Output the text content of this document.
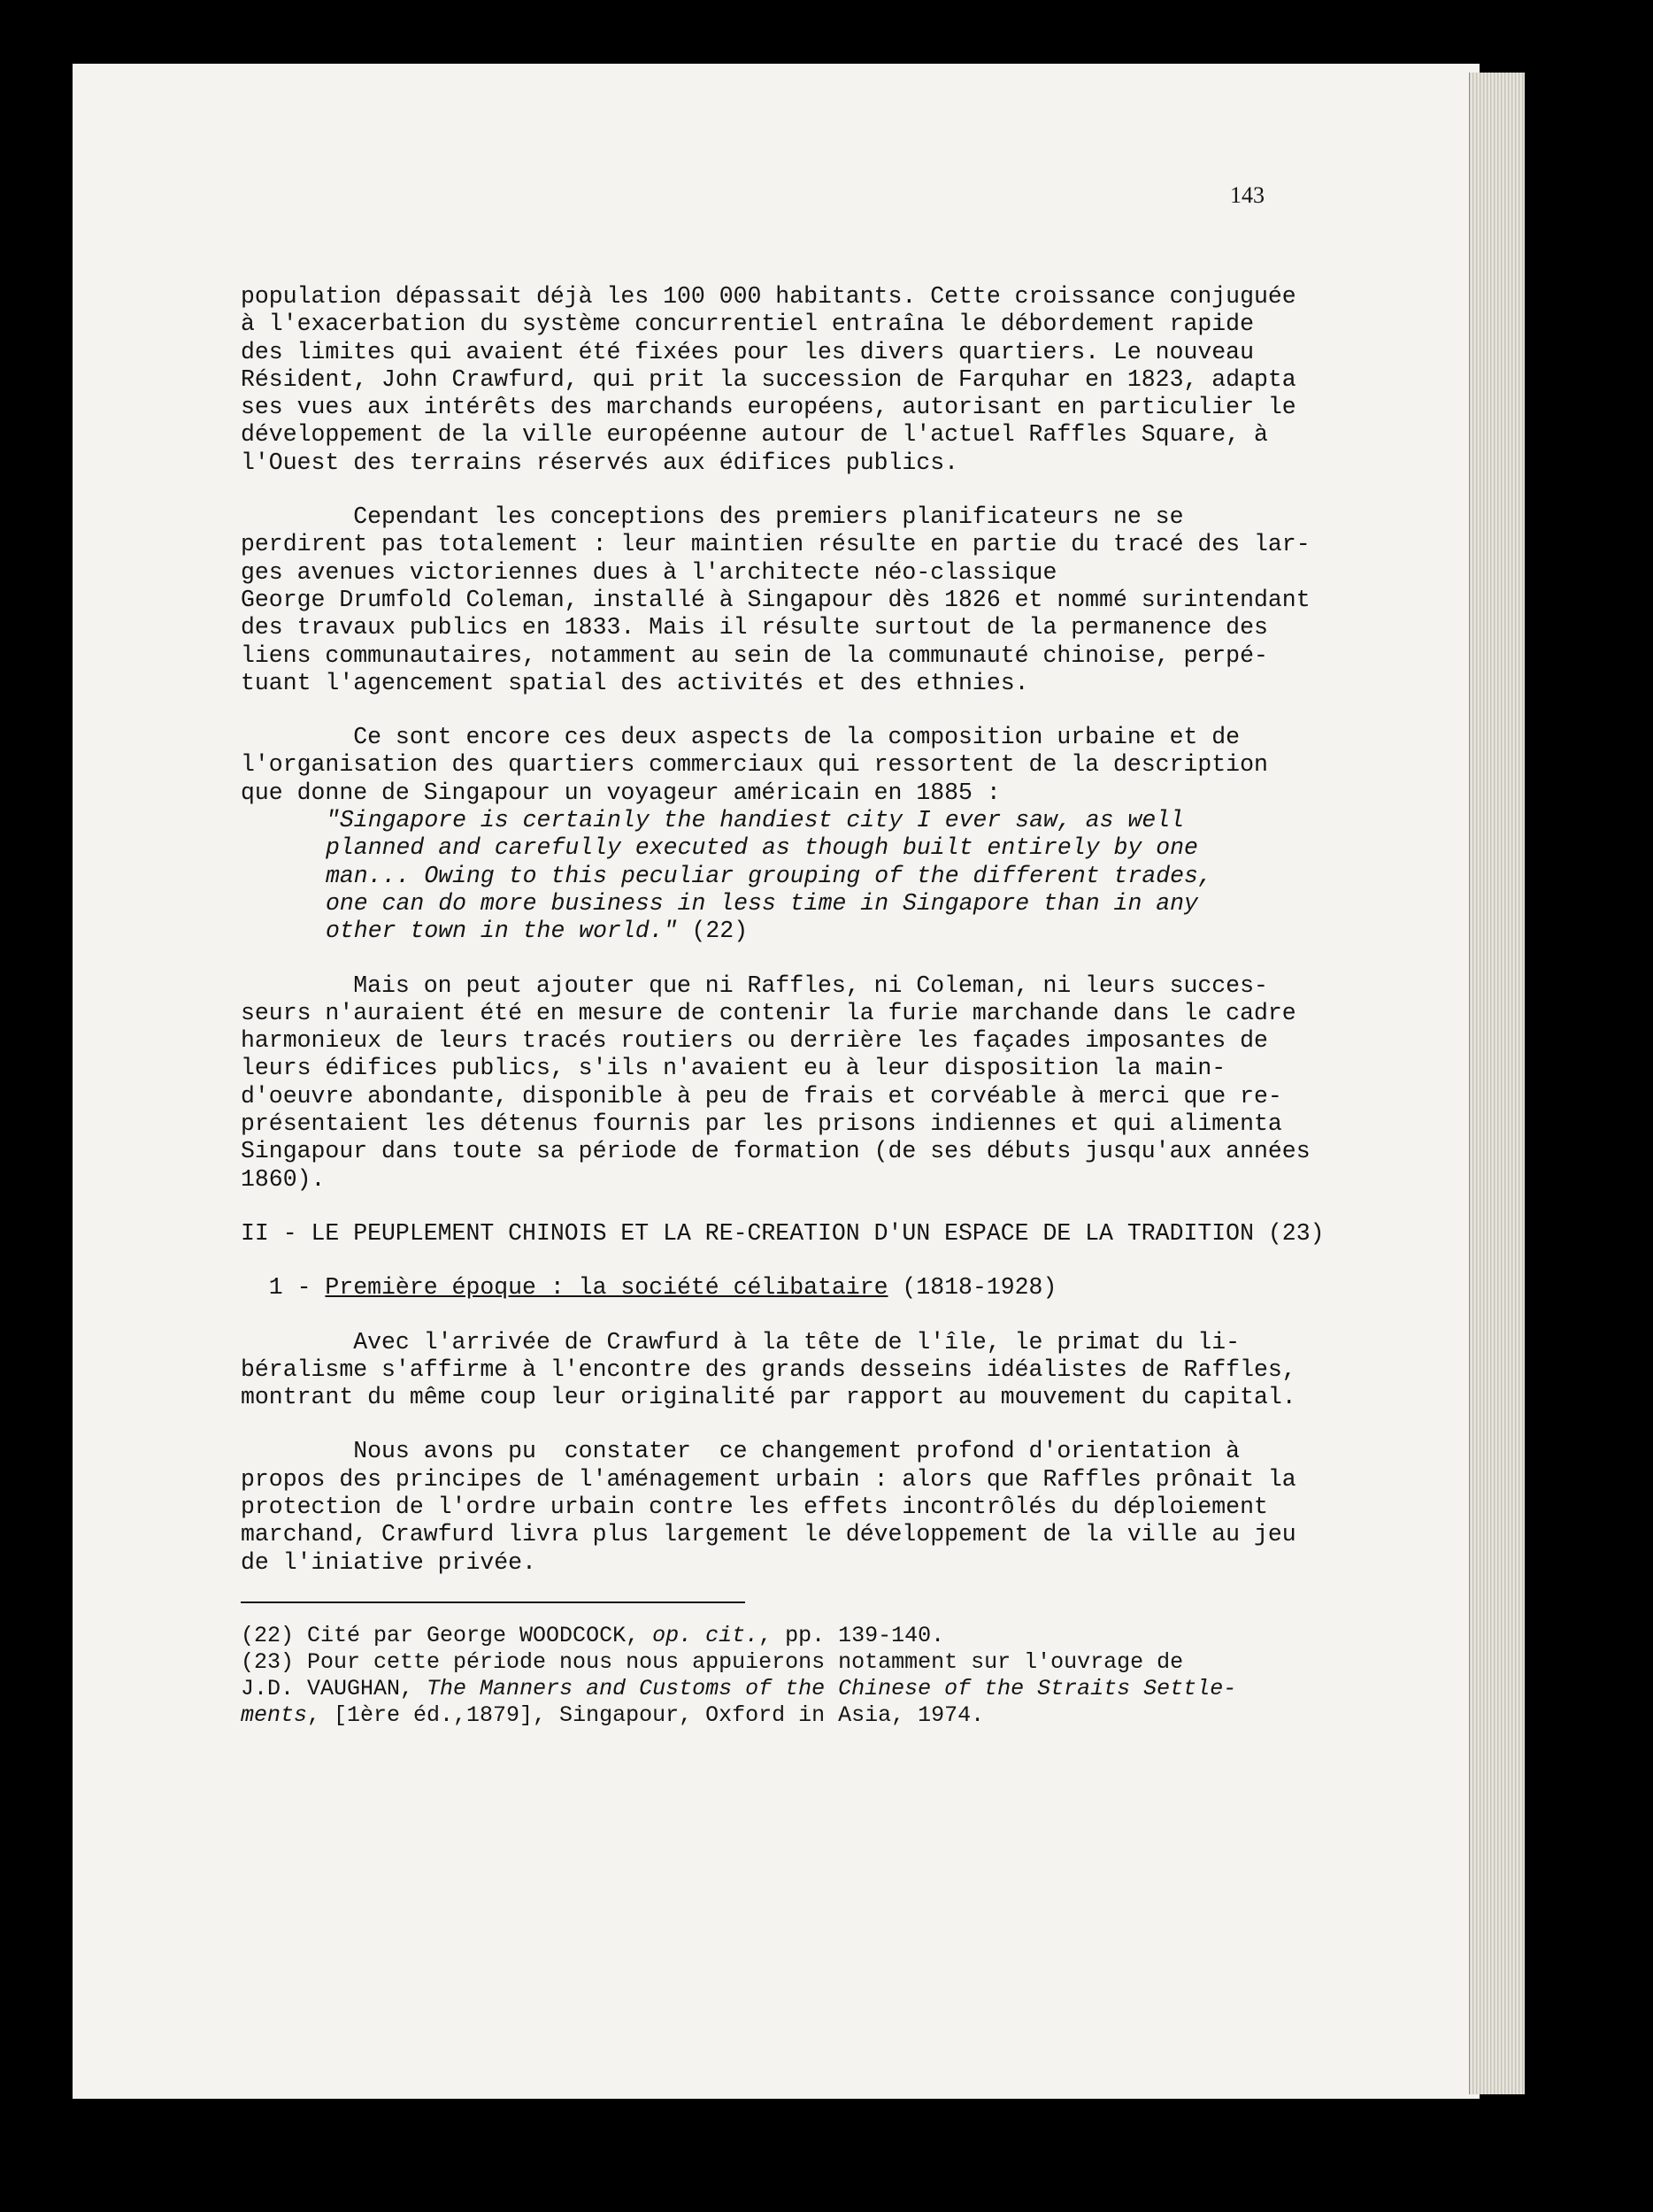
143

population dépassait déjà les 100 000 habitants. Cette croissance conjuguée
à l'exacerbation du système concurrentiel entraîna le débordement rapide
des limites qui avaient été fixées pour les divers quartiers. Le nouveau
Résident, John Crawfurd, qui prit la succession de Farquhar en 1823, adapta
ses vues aux intérêts des marchands européens, autorisant en particulier le
développement de la ville européenne autour de l'actuel Raffles Square, à
l'Ouest des terrains réservés aux édifices publics.

Cependant les conceptions des premiers planificateurs ne se
perdirent pas totalement : leur maintien résulte en partie du tracé des lar-
ges avenues victoriennes dues à l'architecte néo-classique
George Drumfold Coleman, installé à Singapour dès 1826 et nommé surintendant
des travaux publics en 1833. Mais il résulte surtout de la permanence des
liens communautaires, notamment au sein de la communauté chinoise, perpé-
tuant l'agencement spatial des activités et des ethnies.

Ce sont encore ces deux aspects de la composition urbaine et de
l'organisation des quartiers commerciaux qui ressortent de la description
que donne de Singapour un voyageur américain en 1885 :

"Singapore is certainly the handiest city I ever saw, as well
planned and carefully executed as though built entirely by one
man... Owing to this peculiar grouping of the different trades,
one can do more business in less time in Singapore than in any
other town in the world." (22)

Mais on peut ajouter que ni Raffles, ni Coleman, ni leurs succes-
seurs n'auraient été en mesure de contenir la furie marchande dans le cadre
harmonieux de leurs tracés routiers ou derrière les façades imposantes de
leurs édifices publics, s'ils n'avaient eu à leur disposition la main-
d'oeuvre abondante, disponible à peu de frais et corvéable à merci que re-
présentaient les détenus fournis par les prisons indiennes et qui alimenta
Singapour dans toute sa période de formation (de ses débuts jusqu'aux années
1860).

II - LE PEUPLEMENT CHINOIS ET LA RE-CREATION D'UN ESPACE DE LA TRADITION (23)

1 - Première époque : la société célibataire (1818-1928)

Avec l'arrivée de Crawfurd à la tête de l'île, le primat du li-
béralisme s'affirme à l'encontre des grands desseins idéalistes de Raffles,
montrant du même coup leur originalité par rapport au mouvement du capital.

Nous avons pu  constater  ce changement profond d'orientation à
propos des principes de l'aménagement urbain : alors que Raffles prônait la
protection de l'ordre urbain contre les effets incontrôlés du déploiement
marchand, Crawfurd livra plus largement le développement de la ville au jeu
de l'iniative privée.

(22) Cité par George WOODCOCK, op. cit., pp. 139-140.
(23) Pour cette période nous nous appuierons notamment sur l'ouvrage de
J.D. VAUGHAN, The Manners and Customs of the Chinese of the Straits Settle-
ments, [1ère éd.,1879], Singapour, Oxford in Asia, 1974.
